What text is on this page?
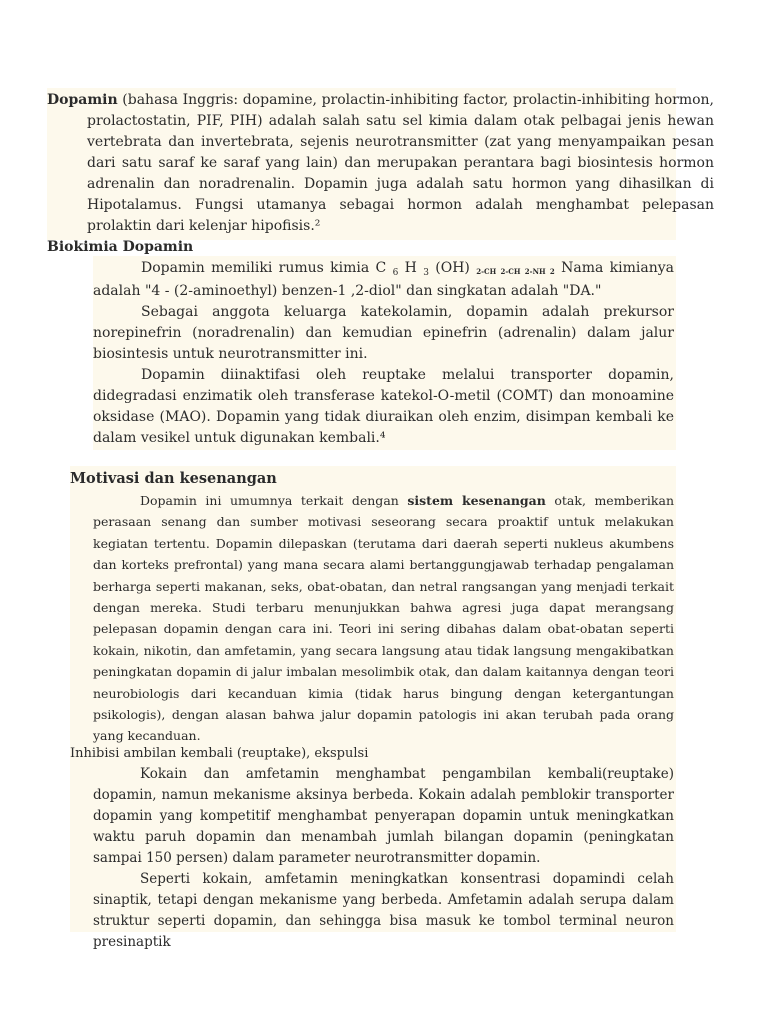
Dopamin (bahasa Inggris: dopamine, prolactin-inhibiting factor, prolactin-inhibiting hormon, prolactostatin, PIF, PIH) adalah salah satu sel kimia dalam otak pelbagai jenis hewan vertebrata dan invertebrata, sejenis neurotransmitter (zat yang menyampaikan pesan dari satu saraf ke saraf yang lain) dan merupakan perantara bagi biosintesis hormon adrenalin dan noradrenalin. Dopamin juga adalah satu hormon yang dihasilkan di Hipotalamus. Fungsi utamanya sebagai hormon adalah menghambat pelepasan prolaktin dari kelenjar hipofisis.²

Biokimia Dopamin

Dopamin memiliki rumus kimia C $_6$ H $_3$ (OH) $_{2-CH 2-CH 2-NH 2}$ Nama kimianya adalah "4 - (2-aminoethyl) benzen-1 ,2-diol" dan singkatan adalah "DA."

Sebagai anggota keluarga katekolamin, dopamin adalah prekursor norepinefrin (noradrenalin) dan kemudian epinefrin (adrenalin) dalam jalur biosintesis untuk neurotransmitter ini.

Dopamin diinaktifasi oleh reuptake melalui transporter dopamin, didegradasi enzimatik oleh transferase katekol-O-metil (COMT) dan monoamine oksidase (MAO). Dopamin yang tidak diuraikan oleh enzim, disimpan kembali ke dalam vesikel untuk digunakan kembali.⁴

Motivasi dan kesenangan

Dopamin ini umumnya terkait dengan sistem kesenangan otak, memberikan perasaan senang dan sumber motivasi seseorang secara proaktif untuk melakukan kegiatan tertentu. Dopamin dilepaskan (terutama dari daerah seperti nukleus akumbens dan korteks prefrontal) yang mana secara alami bertanggungjawab terhadap pengalaman berharga seperti makanan, seks, obat-obatan, dan netral rangsangan yang menjadi terkait dengan mereka. Studi terbaru menunjukkan bahwa agresi juga dapat merangsang pelepasan dopamin dengan cara ini. Teori ini sering dibahas dalam obat-obatan seperti kokain, nikotin, dan amfetamin, yang secara langsung atau tidak langsung mengakibatkan peningkatan dopamin di jalur imbalan mesolimbik otak, dan dalam kaitannya dengan teori neurobiologis dari kecanduan kimia (tidak harus bingung dengan ketergantungan psikologis), dengan alasan bahwa jalur dopamin patologis ini akan terubah pada orang yang kecanduan.

Inhibisi ambilan kembali (reuptake), ekspulsi

Kokain dan amfetamin menghambat pengambilan kembali(reuptake) dopamin, namun mekanisme aksinya berbeda. Kokain adalah pemblokir transporter dopamin yang kompetitif menghambat penyerapan dopamin untuk meningkatkan waktu paruh dopamin dan menambah jumlah bilangan dopamin (peningkatan sampai 150 persen) dalam parameter neurotransmitter dopamin.

Seperti kokain, amfetamin meningkatkan konsentrasi dopamindi celah sinaptik, tetapi dengan mekanisme yang berbeda. Amfetamin adalah serupa dalam struktur seperti dopamin, dan sehingga bisa masuk ke tombol terminal neuron presinaptik
